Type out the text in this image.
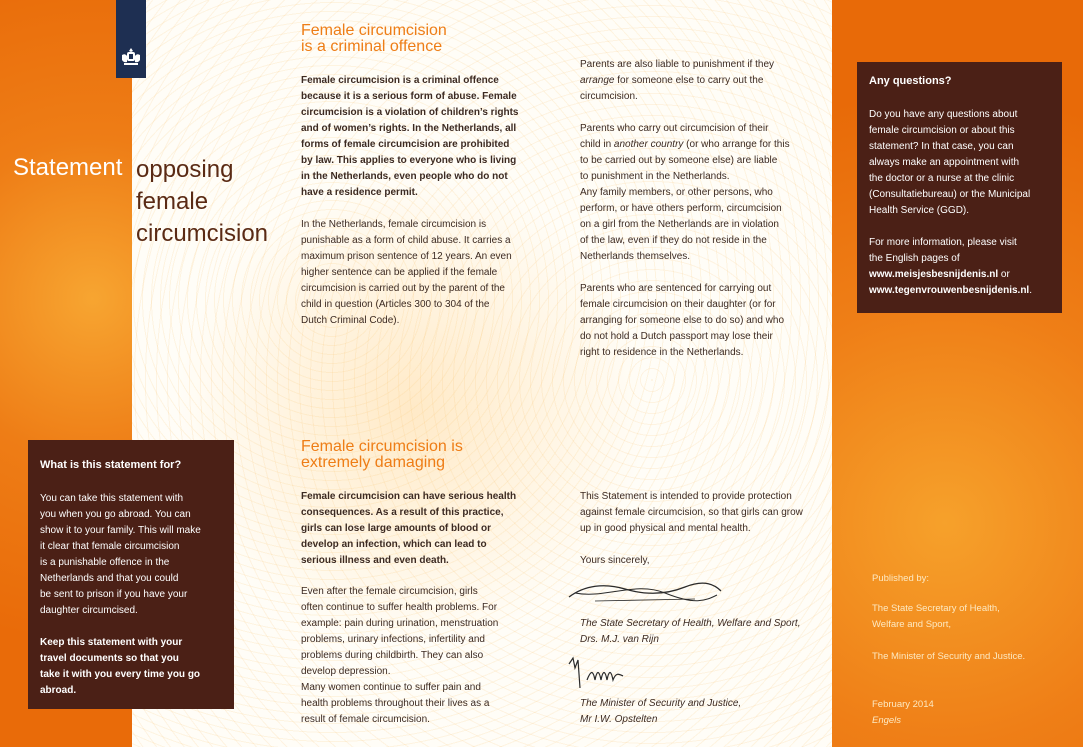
Statement opposing
female
circumcision
Female circumcision
is a criminal offence

Female circumcision is a criminal offence

because it is a serious form of abuse. Female

circumcision is a violation of children’s rights

and of women’s rights. In the Netherlands, all

forms of female circumcision are prohibited

by law. This applies to everyone who is living

in the Netherlands, even people who do not

have a residence permit.

In the Netherlands, female circumcision is

punishable as a form of child abuse. It carries a

maximum prison sentence of 12 years. An even

higher sentence can be applied if the female

circumcision is carried out by the parent of the

child in question (Articles 300 to 304 of the

Dutch Criminal Code).

Parents are also liable to punishment if they

arrange for someone else to carry out the

circumcision.

Parents who carry out circumcision of their

child in another country (or who arrange for this

to be carried out by someone else) are liable

to punishment in the Netherlands.

Any family members, or other persons, who

perform, or have others perform, circumcision

on a girl from the Netherlands are in violation

of the law, even if they do not reside in the

Netherlands themselves.

Parents who are sentenced for carrying out

female circumcision on their daughter (or for

arranging for someone else to do so) and who

do not hold a Dutch passport may lose their

right to residence in the Netherlands.

Female circumcision is
extremely damaging

Female circumcision can have serious health

consequences. As a result of this practice,

girls can lose large amounts of blood or

develop an infection, which can lead to

serious illness and even death.

Even after the female circumcision, girls

often continue to suffer health problems. For

example: pain during urination, menstruation

problems, urinary infections, infertility and

problems during childbirth. They can also

develop depression.

Many women continue to suffer pain and

health problems throughout their lives as a

result of female circumcision.

This Statement is intended to provide protection

against female circumcision, so that girls can grow

up in good physical and mental health.

Yours sincerely,

The State Secretary of Health, Welfare and Sport,

Drs. M.J. van Rijn

The Minister of Security and Justice,

Mr I.W. Opstelten

What is this statement for?

You can take this statement with

you when you go abroad. You can

show it to your family. This will make

it clear that female circumcision

is a punishable offence in the

Netherlands and that you could

be sent to prison if you have your

daughter circumcised.

Keep this statement with your

travel documents so that you

take it with you every time you go

abroad.

Any questions?

Do you have any questions about

female circumcision or about this

statement? In that case, you can

always make an appointment with

the doctor or a nurse at the clinic

(Consultatiebureau) or the Municipal

Health Service (GGD).

For more information, please visit

the English pages of

www.meisjesbesnijdenis.nl or

www.tegenvrouwenbesnijdenis.nl.

Published by:

The State Secretary of Health,

Welfare and Sport,

The Minister of Security and Justice.

February 2014

Engels
